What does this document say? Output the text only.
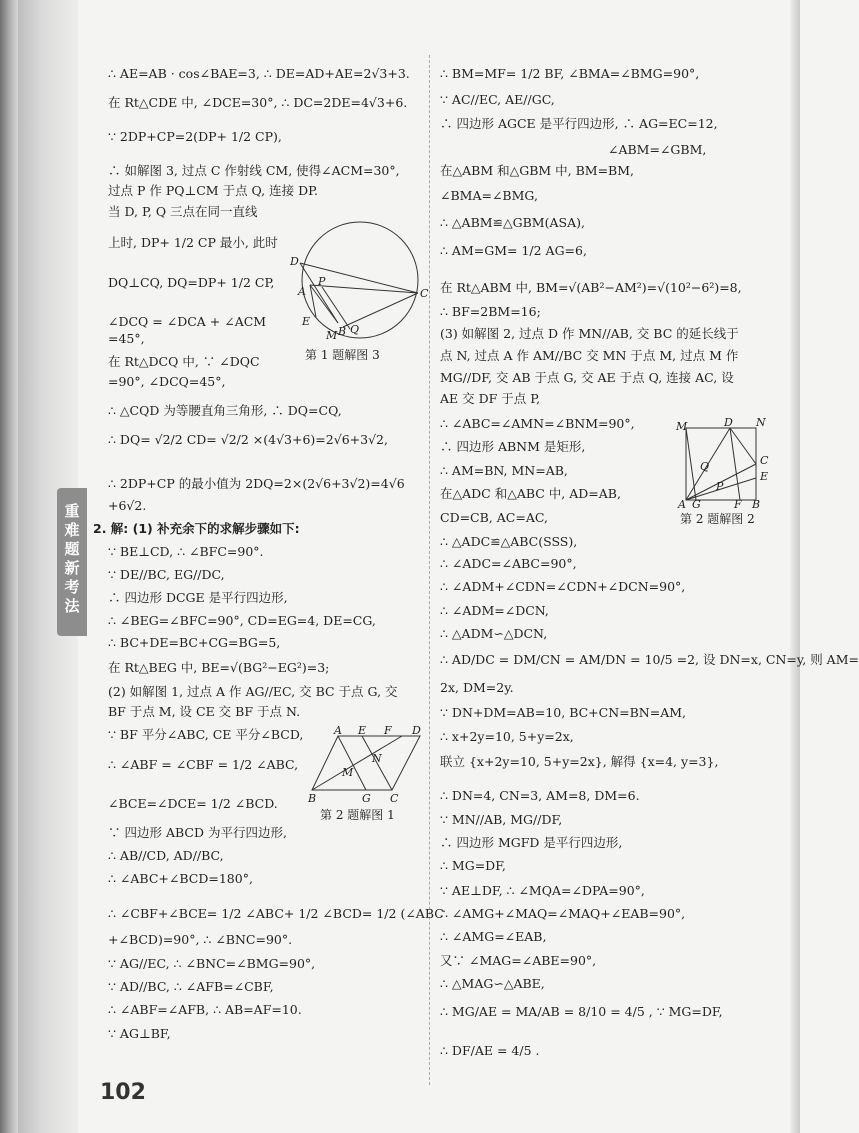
重
难
题
新
考
法
∴ AE=AB · cos∠BAE=3, ∴ DE=AD+AE=2√3+3.
在 Rt△CDE 中, ∠DCE=30°, ∴ DC=2DE=4√3+6.
∵ 2DP+CP=2(DP+ 1/2 CP),
∴ 如解图 3, 过点 C 作射线 CM, 使得∠ACM=30°,
过点 P 作 PQ⊥CM 于点 Q, 连接 DP.
当 D, P, Q 三点在同一直线
上时, DP+ 1/2 CP 最小, 此时
DQ⊥CQ, DQ=DP+ 1/2 CP,
∠DCQ = ∠DCA + ∠ACM
=45°,
在 Rt△DCQ 中, ∵ ∠DQC
=90°, ∠DCQ=45°,
∴ △CQD 为等腰直角三角形, ∴ DQ=CQ,
∴ DQ= √2/2 CD= √2/2 ×(4√3+6)=2√6+3√2,
∴ 2DP+CP 的最小值为 2DQ=2×(2√6+3√2)=4√6
+6√2.
2. 解: (1) 补充余下的求解步骤如下:
∵ BE⊥CD, ∴ ∠BFC=90°.
∵ DE//BC, EG//DC,
∴ 四边形 DCGE 是平行四边形,
∴ ∠BEG=∠BFC=90°, CD=EG=4, DE=CG,
∴ BC+DE=BC+CG=BG=5,
在 Rt△BEG 中, BE=√(BG²−EG²)=3;
(2) 如解图 1, 过点 A 作 AG//EC, 交 BC 于点 G, 交
BF 于点 M, 设 CE 交 BF 于点 N.
∵ BF 平分∠ABC, CE 平分∠BCD,
∴ ∠ABF = ∠CBF = 1/2 ∠ABC,
∠BCE=∠DCE= 1/2 ∠BCD.
∵ 四边形 ABCD 为平行四边形,
∴ AB//CD, AD//BC,
∴ ∠ABC+∠BCD=180°,
∴ ∠CBF+∠BCE= 1/2 ∠ABC+ 1/2 ∠BCD= 1/2 (∠ABC
+∠BCD)=90°, ∴ ∠BNC=90°.
∵ AG//EC, ∴ ∠BNC=∠BMG=90°,
∵ AD//BC, ∴ ∠AFB=∠CBF,
∴ ∠ABF=∠AFB, ∴ AB=AF=10.
∵ AG⊥BF,
∴ BM=MF= 1/2 BF, ∠BMA=∠BMG=90°,
∵ AC//EC, AE//GC,
∴ 四边形 AGCE 是平行四边形, ∴ AG=EC=12,
∠ABM=∠GBM,
在△ABM 和△GBM 中, BM=BM,
∠BMA=∠BMG,
∴ △ABM≌△GBM(ASA),
∴ AM=GM= 1/2 AG=6,
在 Rt△ABM 中, BM=√(AB²−AM²)=√(10²−6²)=8,
∴ BF=2BM=16;
(3) 如解图 2, 过点 D 作 MN//AB, 交 BC 的延长线于
点 N, 过点 A 作 AM//BC 交 MN 于点 M, 过点 M 作
MG//DF, 交 AB 于点 G, 交 AE 于点 Q, 连接 AC, 设
AE 交 DF 于点 P,
∴ ∠ABC=∠AMN=∠BNM=90°,
∴ 四边形 ABNM 是矩形,
∴ AM=BN, MN=AB,
在△ADC 和△ABC 中, AD=AB,
CD=CB, AC=AC,
∴ △ADC≌△ABC(SSS),
∴ ∠ADC=∠ABC=90°,
∴ ∠ADM+∠CDN=∠CDN+∠DCN=90°,
∴ ∠ADM=∠DCN,
∴ △ADM∽△DCN,
∴ AD/DC = DM/CN = AM/DN = 10/5 =2, 设 DN=x, CN=y, 则 AM=
2x, DM=2y.
∵ DN+DM=AB=10, BC+CN=BN=AM,
∴ x+2y=10, 5+y=2x,
联立 {x+2y=10, 5+y=2x}, 解得 {x=4, y=3},
∴ DN=4, CN=3, AM=8, DM=6.
∵ MN//AB, MG//DF,
∴ 四边形 MGFD 是平行四边形,
∴ MG=DF,
∵ AE⊥DF, ∴ ∠MQA=∠DPA=90°,
∴ ∠AMG+∠MAQ=∠MAQ+∠EAB=90°,
∴ ∠AMG=∠EAB,
又∵ ∠MAG=∠ABE=90°,
∴ △MAG∽△ABE,
∴ MG/AE = MA/AB = 8/10 = 4/5 , ∵ MG=DF,
∴ DF/AE = 4/5 .
D
A
P
C
E
M B Q
第 1 题解图 3
A E F D
N
M
B	G C
第 2 题解图 1
M	D N
Q	C
E
A G	F B
P
第 2 题解图 2
102
